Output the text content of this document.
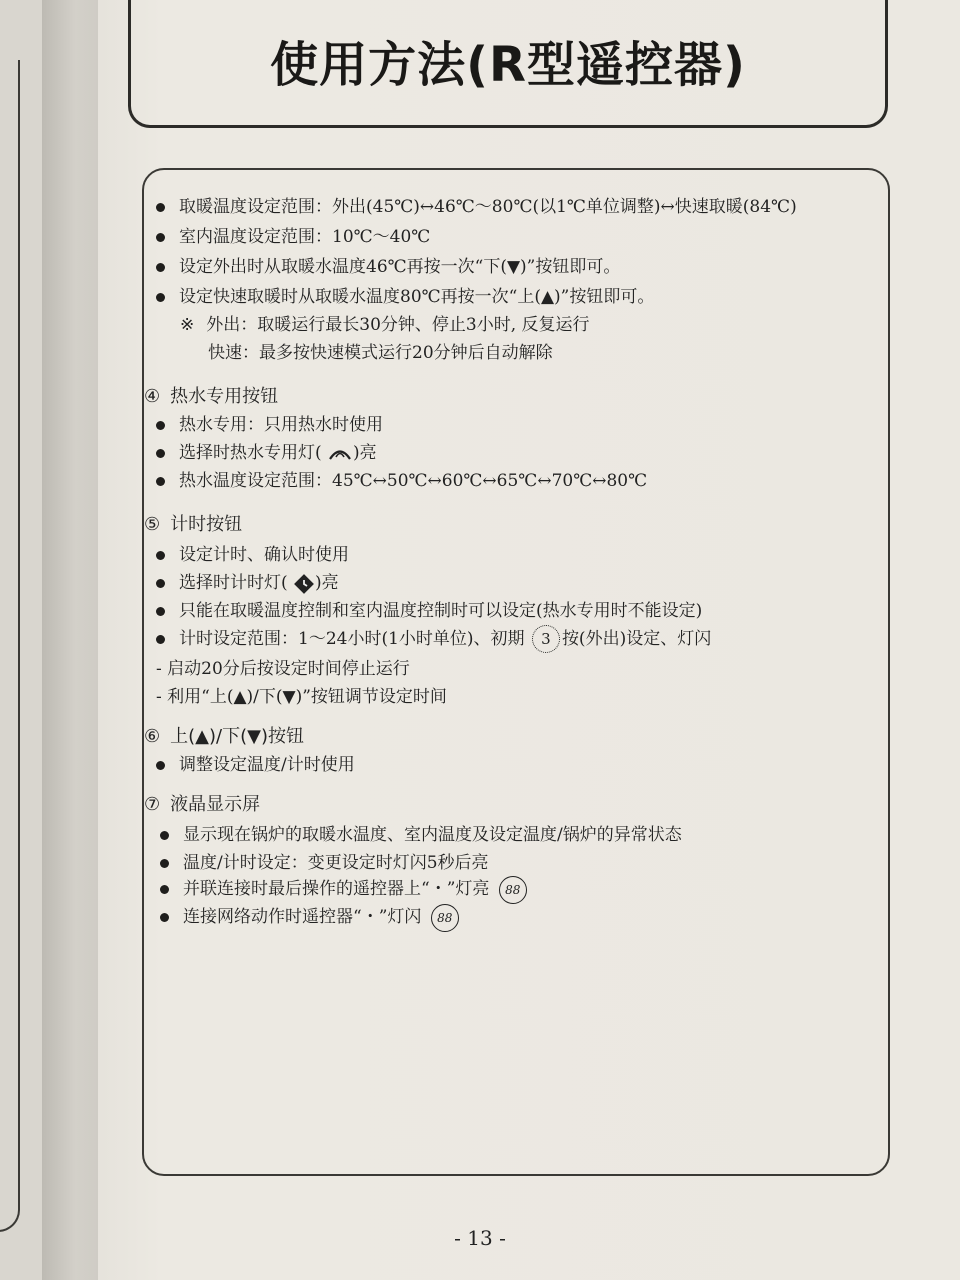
使用方法(R型遥控器)
取暖温度设定范围：外出(45℃)↔46℃～80℃(以1℃单位调整)↔快速取暖(84℃)
室内温度设定范围：10℃～40℃
设定外出时从取暖水温度46℃再按一次“下(▼)”按钮即可。
设定快速取暖时从取暖水温度80℃再按一次“上(▲)”按钮即可。
※ 外出：取暖运行最长30分钟、停止3小时, 反复运行
快速：最多按快速模式运行20分钟后自动解除
④ 热水专用按钮
热水专用：只用热水时使用
选择时热水专用灯( )亮
热水温度设定范围：45℃↔50℃↔60℃↔65℃↔70℃↔80℃
⑤ 计时按钮
设定计时、确认时使用
选择时计时灯( )亮
只能在取暖温度控制和室内温度控制时可以设定(热水专用时不能设定)
计时设定范围：1～24小时(1小时单位)、初期 3 按(外出)设定、灯闪
- 启动20分后按设定时间停止运行
- 利用“上(▲)/下(▼)”按钮调节设定时间
⑥ 上(▲)/下(▼)按钮
调整设定温度/计时使用
⑦ 液晶显示屏
显示现在锅炉的取暖水温度、室内温度及设定温度/锅炉的异常状态
温度/计时设定：变更设定时灯闪5秒后亮
并联连接时最后操作的遥控器上“・”灯亮 88
连接网络动作时遥控器“・”灯闪 88
- 13 -
